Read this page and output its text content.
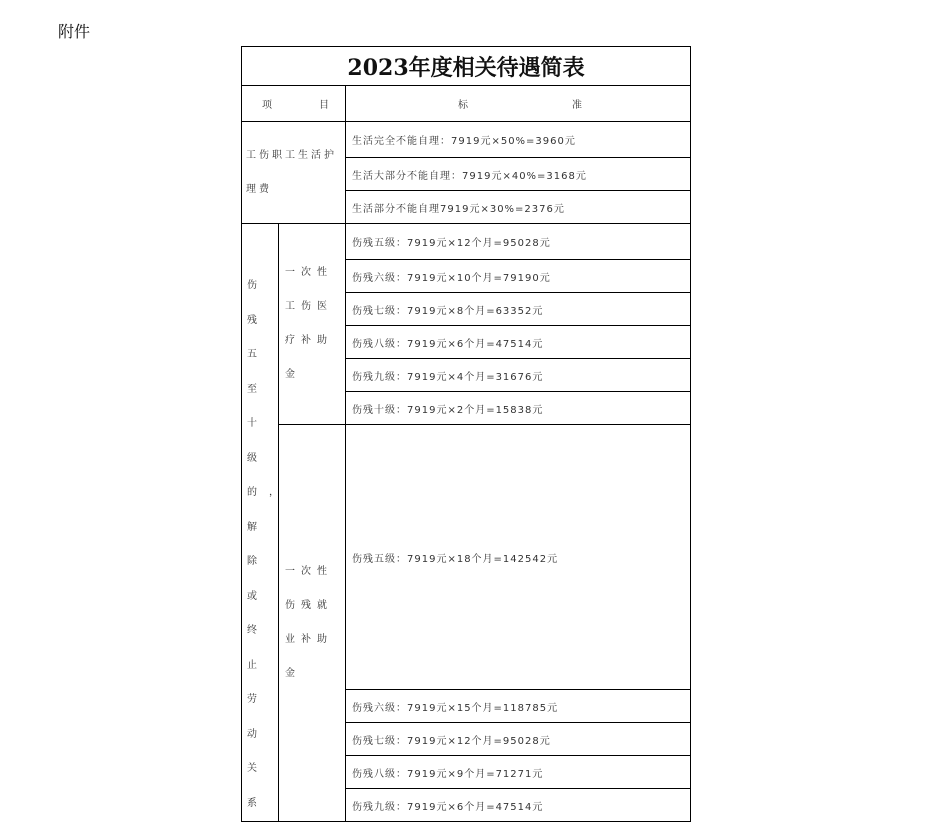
附件
2023年度相关待遇简表		

项 目		标 准

工伤职工生活护理费		生活完全不能自理：7919元×50%=3960元
		生活大部分不能自理：7919元×40%=3168元
		生活部分不能自理7919元×30%=2376元

伤残五至十级的，解除或终止劳动关系	一次性工伤医疗补助金	伤残五级：7919元×12个月=95028元
		伤残六级：7919元×10个月=79190元
		伤残七级：7919元×8个月=63352元
		伤残八级：7919元×6个月=47514元
		伤残九级：7919元×4个月=31676元
		伤残十级：7919元×2个月=15838元
	一次性伤残就业补助金	伤残五级：7919元×18个月=142542元
		伤残六级：7919元×15个月=118785元
		伤残七级：7919元×12个月=95028元
		伤残八级：7919元×9个月=71271元
		伤残九级：7919元×6个月=47514元
